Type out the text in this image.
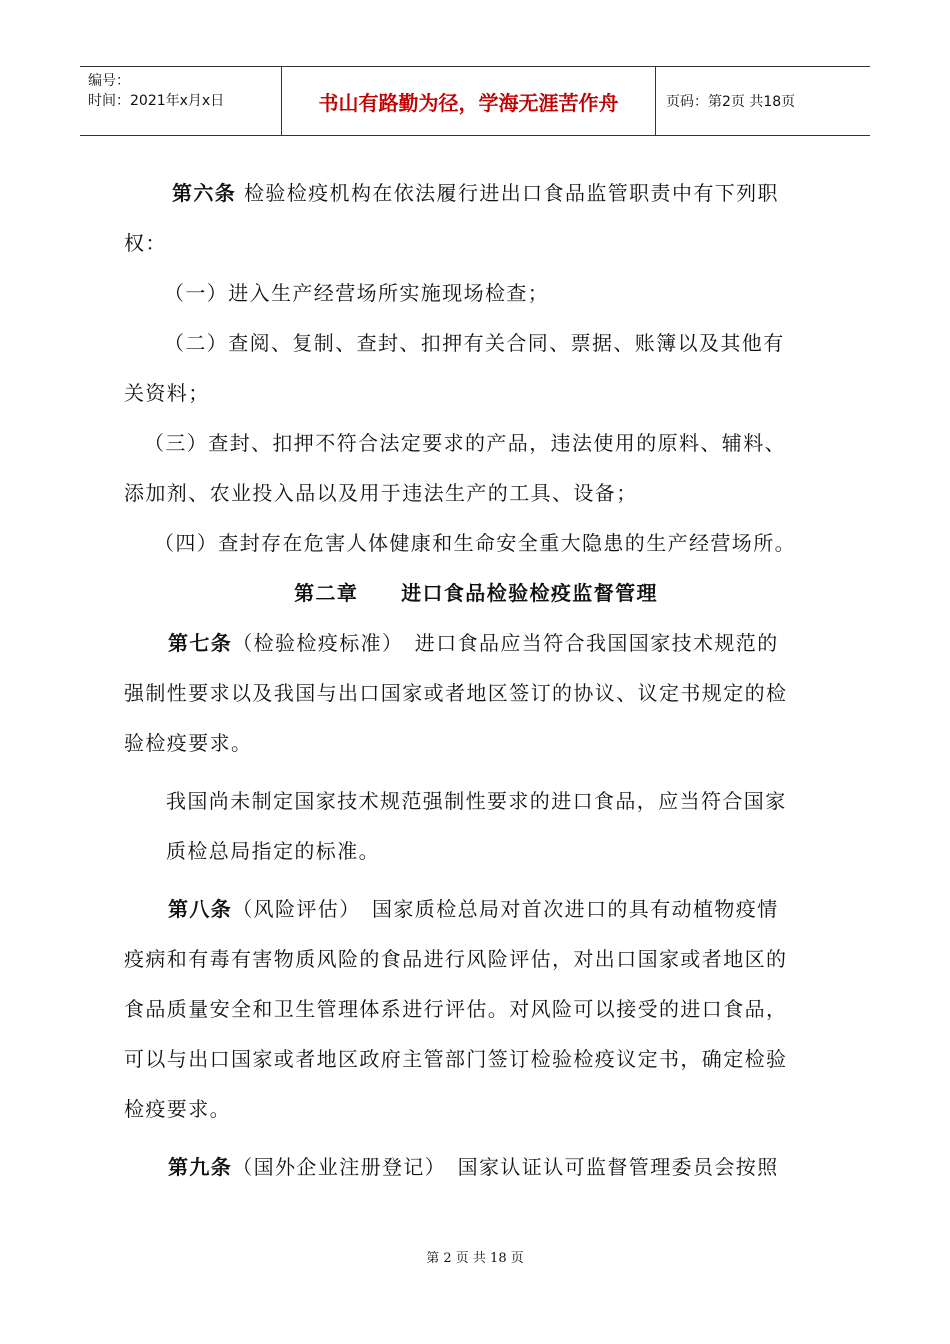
编号：
时间：2021年x月x日	书山有路勤为径，学海无涯苦作舟	页码：第2页 共18页

第六条 检验检疫机构在依法履行进出口食品监管职责中有下列职

权：

（一）进入生产经营场所实施现场检查；

（二）查阅、复制、查封、扣押有关合同、票据、账簿以及其他有

关资料；

（三）查封、扣押不符合法定要求的产品，违法使用的原料、辅料、

添加剂、农业投入品以及用于违法生产的工具、设备；

（四）查封存在危害人体健康和生命安全重大隐患的生产经营场所。

第二章　　进口食品检验检疫监督管理

第七条（检验检疫标准）　进口食品应当符合我国国家技术规范的

强制性要求以及我国与出口国家或者地区签订的协议、议定书规定的检

验检疫要求。

我国尚未制定国家技术规范强制性要求的进口食品，应当符合国家

质检总局指定的标准。

第八条（风险评估）　国家质检总局对首次进口的具有动植物疫情

疫病和有毒有害物质风险的食品进行风险评估，对出口国家或者地区的

食品质量安全和卫生管理体系进行评估。对风险可以接受的进口食品，

可以与出口国家或者地区政府主管部门签订检验检疫议定书，确定检验

检疫要求。

第九条（国外企业注册登记）　国家认证认可监督管理委员会按照

第 2 页 共 18 页
